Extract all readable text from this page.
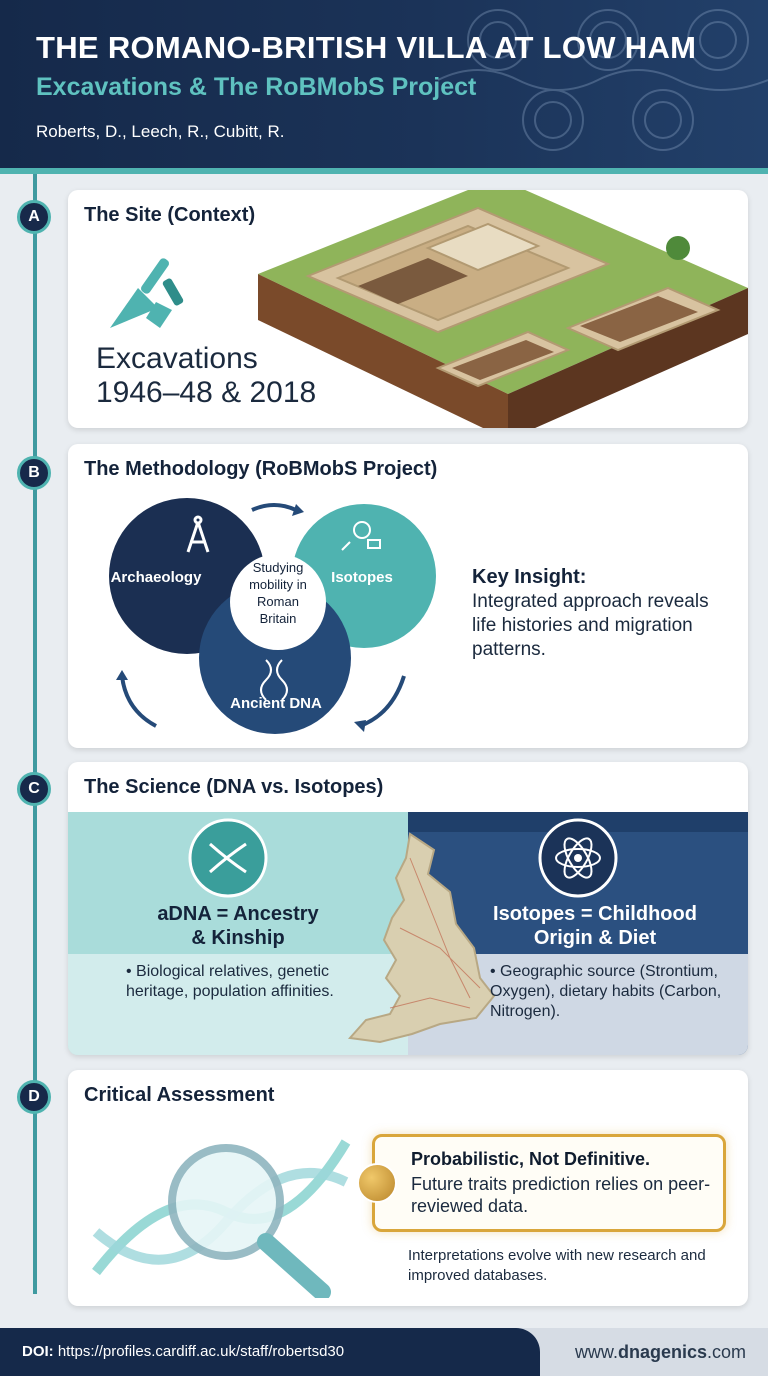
THE ROMANO-BRITISH VILLA AT LOW HAM
Excavations & The RoBMobS Project
Roberts, D., Leech, R., Cubitt, R.
A
B
C
D
The Site (Context)
Excavations
1946–48 & 2018
The Methodology (RoBMobS Project)
Archaeology	Isotopes
Ancient DNA
Studying
mobility in
Roman
Britain
Key Insight:
Integrated approach reveals life histories and migration patterns.
The Science (DNA vs. Isotopes)
aDNA = Ancestry
& Kinship
Isotopes = Childhood
Origin & Diet
• Biological relatives, genetic heritage, population affinities.
• Geographic source (Strontium, Oxygen), dietary habits (Carbon, Nitrogen).
Critical Assessment
Probabilistic, Not Definitive.
Future traits prediction relies on peer-reviewed data.
Interpretations evolve with new research and improved databases.
DOI: https://profiles.cardiff.ac.uk/staff/robertsd30	www.dnagenics.com
